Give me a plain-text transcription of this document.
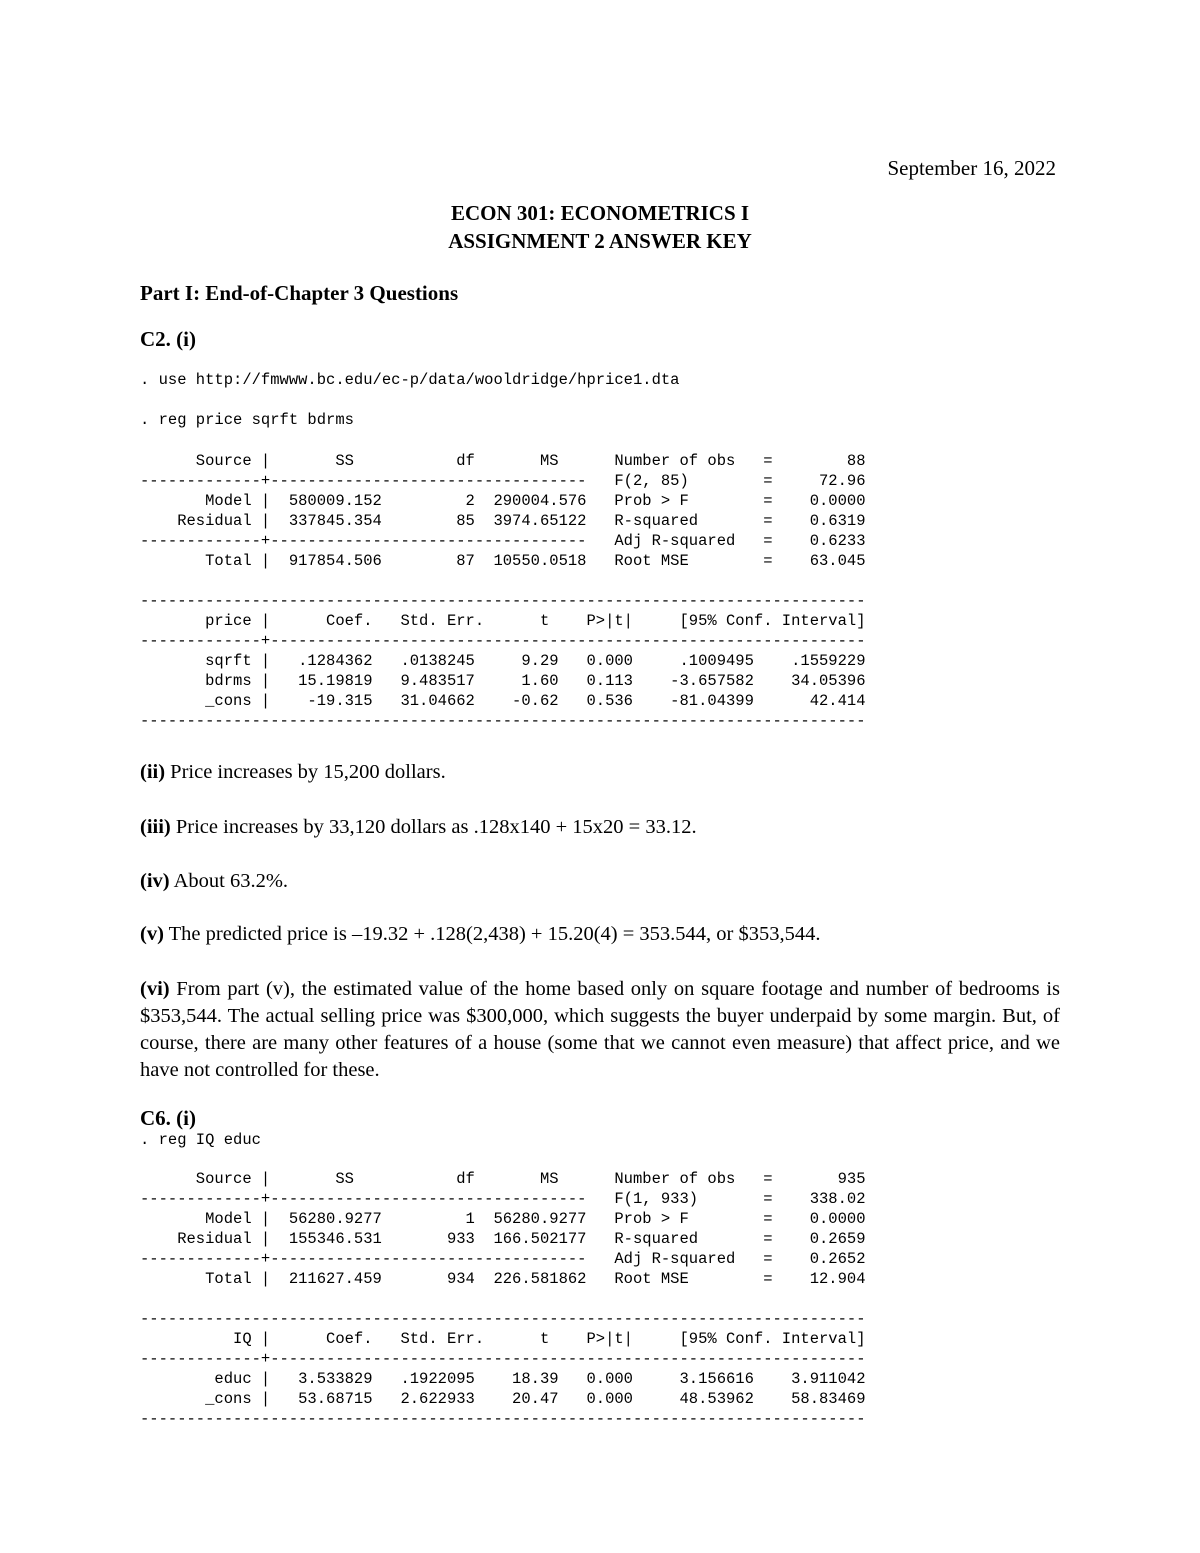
September 16, 2022
ECON 301: ECONOMETRICS I
ASSIGNMENT 2 ANSWER KEY
Part I: End-of-Chapter 3 Questions
C2. (i)
. use http://fmwww.bc.edu/ec-p/data/wooldridge/hprice1.dta
. reg price sqrft bdrms
Source |       SS           df       MS      Number of obs   =        88
-------------+----------------------------------   F(2, 85)        =     72.96
Model |  580009.152         2  290004.576   Prob > F        =    0.0000
Residual |  337845.354        85  3974.65122   R-squared       =    0.6319
-------------+----------------------------------   Adj R-squared   =    0.6233
Total |  917854.506        87  10550.0518   Root MSE        =    63.045

------------------------------------------------------------------------------
price |      Coef.   Std. Err.      t    P>|t|     [95% Conf. Interval]
-------------+----------------------------------------------------------------
sqrft |   .1284362   .0138245     9.29   0.000     .1009495    .1559229
bdrms |   15.19819   9.483517     1.60   0.113    -3.657582    34.05396
_cons |    -19.315   31.04662    -0.62   0.536    -81.04399      42.414
------------------------------------------------------------------------------

(ii) Price increases by 15,200 dollars.

(iii) Price increases by 33,120 dollars as .128x140 + 15x20 = 33.12.

(iv) About 63.2%.

(v) The predicted price is –19.32 + .128(2,438) + 15.20(4) = 353.544, or $353,544.

(vi) From part (v), the estimated value of the home based only on square footage and number of bedrooms is $353,544. The actual selling price was $300,000, which suggests the buyer underpaid by some margin. But, of course, there are many other features of a house (some that we cannot even measure) that affect price, and we have not controlled for these.

C6. (i)
. reg IQ educ
Source |       SS           df       MS      Number of obs   =       935
-------------+----------------------------------   F(1, 933)       =    338.02
Model |  56280.9277         1  56280.9277   Prob > F        =    0.0000
Residual |  155346.531       933  166.502177   R-squared       =    0.2659
-------------+----------------------------------   Adj R-squared   =    0.2652
Total |  211627.459       934  226.581862   Root MSE        =    12.904

------------------------------------------------------------------------------
IQ |      Coef.   Std. Err.      t    P>|t|     [95% Conf. Interval]
-------------+----------------------------------------------------------------
educ |   3.533829   .1922095    18.39   0.000     3.156616    3.911042
_cons |   53.68715   2.622933    20.47   0.000     48.53962    58.83469
------------------------------------------------------------------------------
